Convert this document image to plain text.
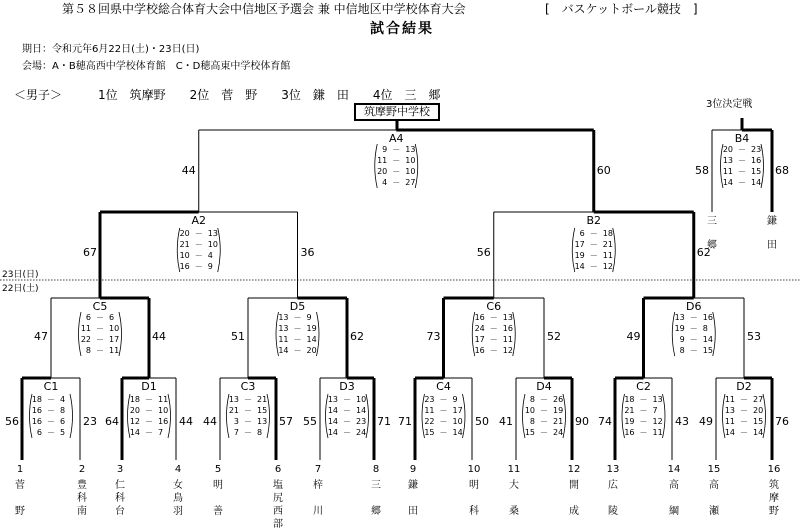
第５８回県中学校総合体育大会中信地区予選会 兼 中信地区中学校体育大会	[　バスケットボール競技　]
試合結果
期日：令和元年6月22日(土)・23日(日)
会場：A・B穂高西中学校体育館　C・D穂高東中学校体育館
＜男子＞　　　1位　筑摩野　　2位　菅　野　　3位　鎌　田　　4位　三　郷
3位決定戦
23日(日)
22日(土)
C1
56	23
18 － 4
16 － 8
16 － 6
6 － 5
D1
64	44
18 － 11
20 － 10
12 － 16
14 － 7
C3
44	57
13 － 21
21 － 15
3 － 13
7 － 8
D3
55	71
13 － 10
14 － 14
14 － 23
14 － 24
C4
71	50
23 － 9
11 － 17
22 － 10
15 － 14
D4
41	90
8 － 26
10 － 19
8 － 21
15 － 24
C2
74	43
18 － 13
21 － 7
19 － 12
16 － 11
D2
49	76
11 － 27
13 － 20
11 － 15
14 － 14
1
菅
野
2
豊
科
南
3
仁
科
台
4
女
鳥
羽
5
明
善
6
塩
尻
西
部
7
梓
川
8
三
郷
9
鎌
田
10
明
科
11
大
桑
12
開
成
13
広
陵
14
高
綱
15
高
瀬
16
筑
摩
野
C5
47	44
6 － 6
11 － 10
22 － 17
8 － 11
D5
51	62
13 － 9
13 － 19
11 － 14
14 － 20
C6
73	52
16 － 13
24 － 16
17 － 11
16 － 12
D6
49	53
13 － 16
19 － 8
9 － 14
8 － 15
A2
67	36
20 － 13
21 － 10
10 － 4
16 － 9
B2
56	62
6 － 18
17 － 21
19 － 11
14 － 12
A4
44	60
9 － 13
11 － 10
20 － 10
4 － 27
B4
58	68
20 － 23
13 － 16
11 － 15
14 － 14
三
郷
鎌
田
筑摩野中学校
